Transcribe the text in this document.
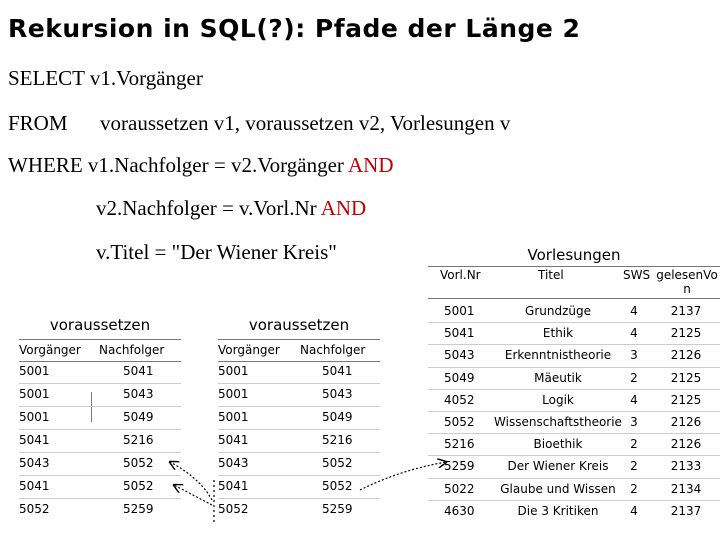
Rekursion in SQL(?): Pfade der Länge 2
SELECT v1.Vorgänger
FROM voraussetzen v1, voraussetzen v2, Vorlesungen v
WHERE v1.Nachfolger = v2.Vorgänger AND
v2.Nachfolger = v.Vorl.Nr AND
v.Titel = "Der Wiener Kreis"
voraussetzen
Vorgänger Nachfolger
5001	5041
5001	5043
5001	5049
5041	5216
5043	5052
5041	5052
5052	5259
voraussetzen
Vorgänger Nachfolger
5001	5041
5001	5043
5001	5049
5041	5216
5043	5052
5041	5052
5052	5259
Vorlesungen
Vorl.Nr	Titel	SWS gelesenVon
5001	Grundzüge	4	2137
5041	Ethik	4	2125
5043	Erkenntnistheorie 3	2126
5049	Mäeutik	2	2125
4052	Logik	4	2125
5052 Wissenschaftstheorie 3	2126
5216	Bioethik	2	2126
5259	Der Wiener Kreis 2	2133
5022 Glaube und Wissen 2	2134
4630	Die 3 Kritiken	4	2137
